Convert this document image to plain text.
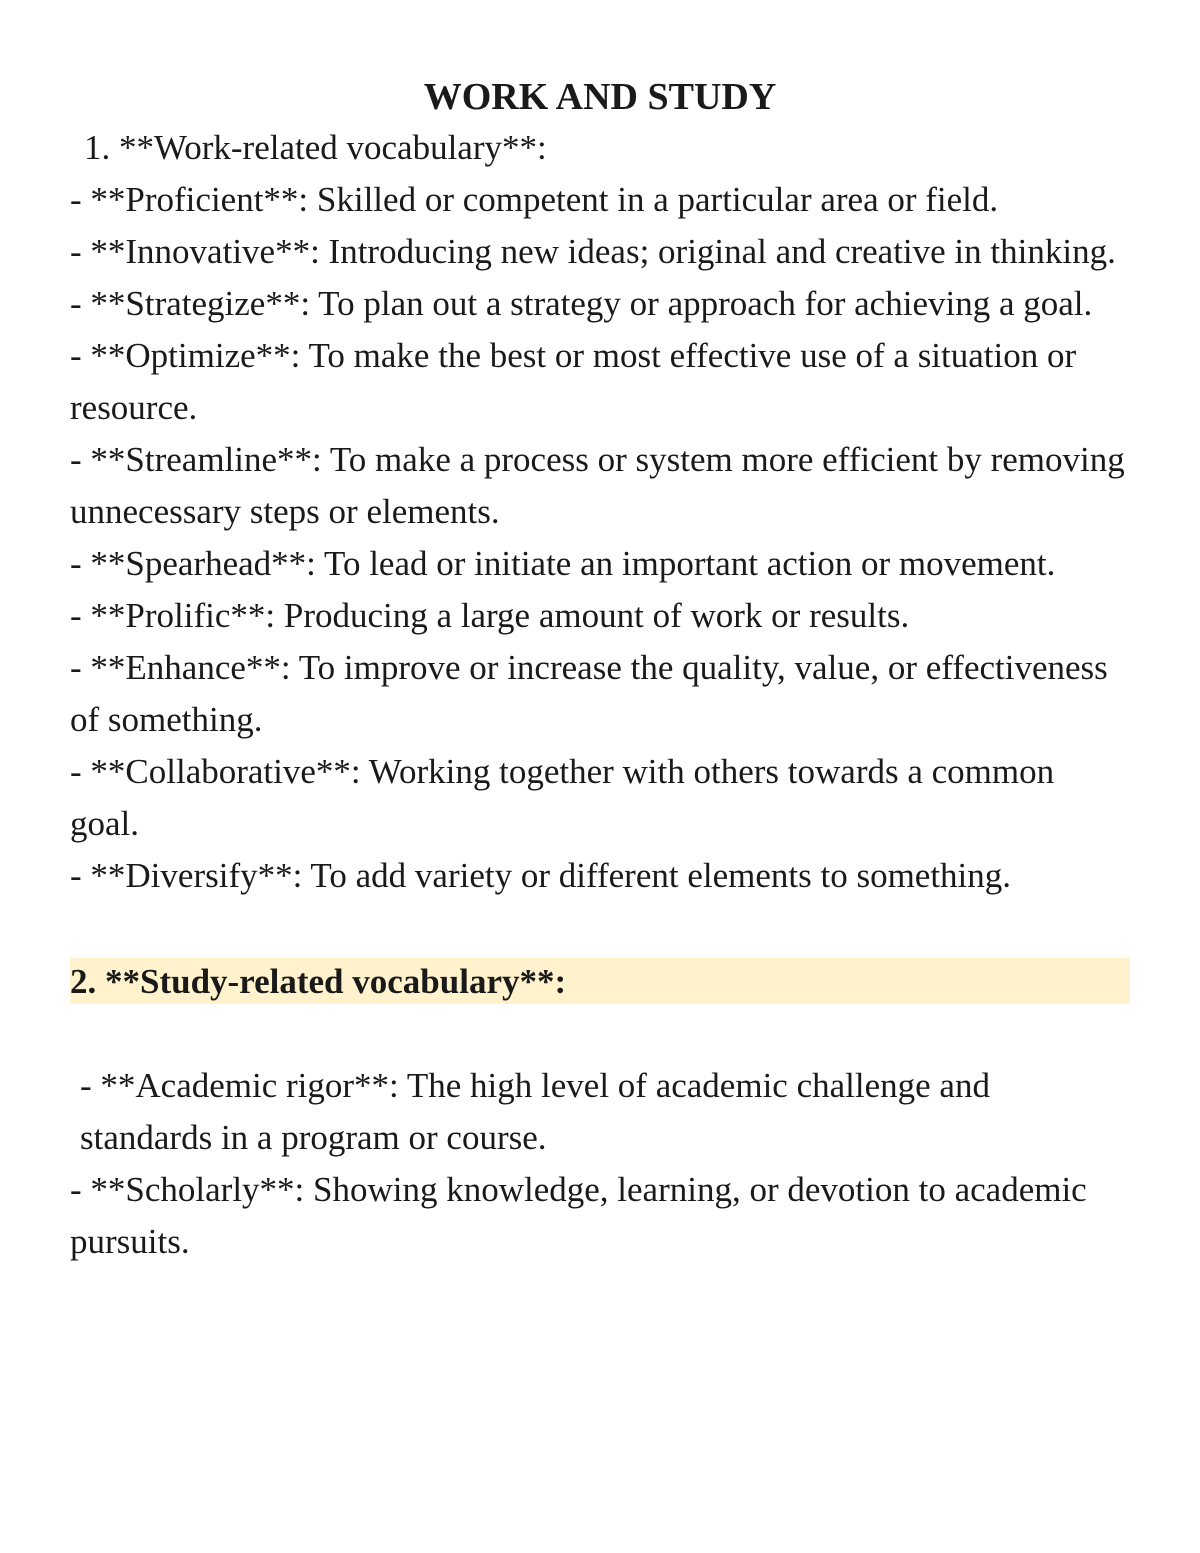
WORK AND STUDY

1. **Work-related vocabulary**:

- **Proficient**: Skilled or competent in a particular area or field.

- **Innovative**: Introducing new ideas; original and creative in thinking.

- **Strategize**: To plan out a strategy or approach for achieving a goal.

- **Optimize**: To make the best or most effective use of a situation or resource.

- **Streamline**: To make a process or system more efficient by removing unnecessary steps or elements.

- **Spearhead**: To lead or initiate an important action or movement.

- **Prolific**: Producing a large amount of work or results.

- **Enhance**: To improve or increase the quality, value, or effectiveness of something.

- **Collaborative**: Working together with others towards a common goal.

- **Diversify**: To add variety or different elements to something.

2. **Study-related vocabulary**:

- **Academic rigor**: The high level of academic challenge and standards in a program or course.

- **Scholarly**: Showing knowledge, learning, or devotion to academic pursuits.
